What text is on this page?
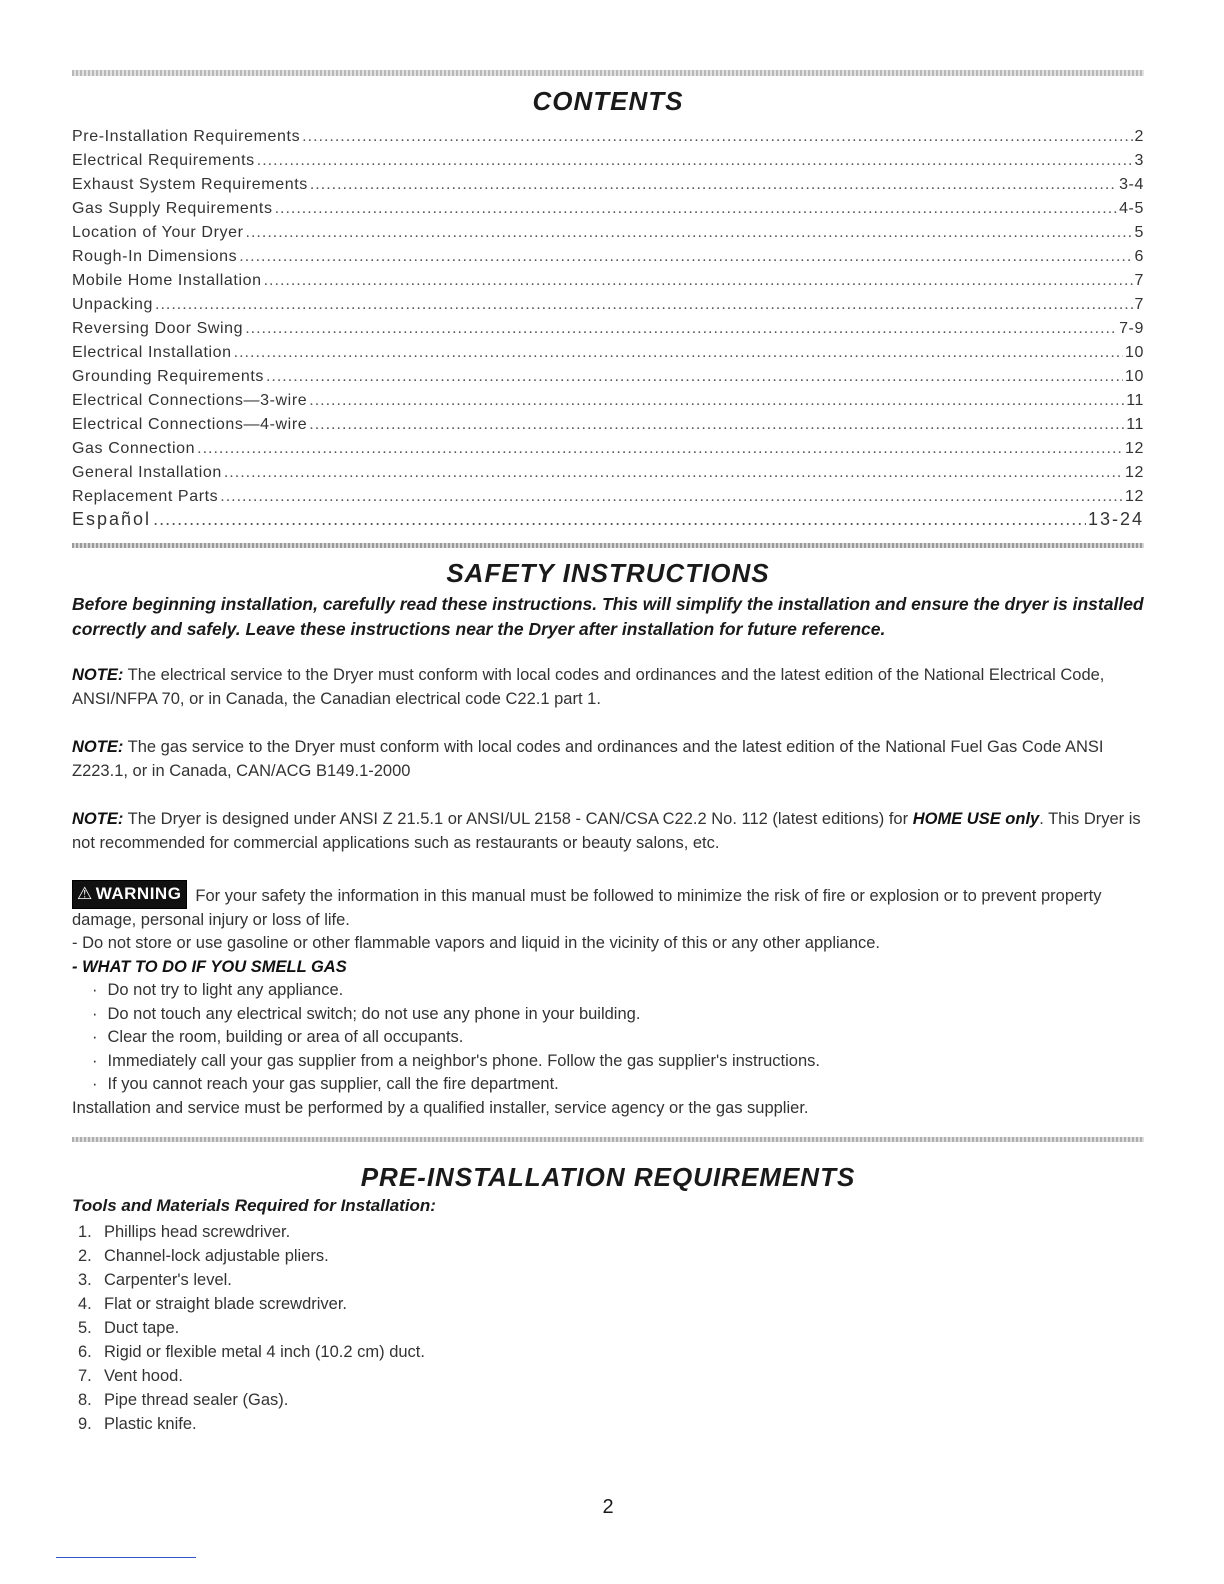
CONTENTS
Pre-Installation Requirements .....	2
Electrical Requirements .....	3
Exhaust System Requirements .....	3-4
Gas Supply Requirements .....	4-5
Location of Your Dryer .....	5
Rough-In Dimensions .....	6
Mobile Home Installation .....	7
Unpacking .....	7
Reversing Door Swing .....	7-9
Electrical Installation .....	10
Grounding Requirements .....	10
Electrical Connections—3-wire .....	11
Electrical Connections—4-wire .....	11
Gas Connection .....	12
General Installation .....	12
Replacement Parts .....	12
Español .....	13-24
SAFETY INSTRUCTIONS
Before beginning installation, carefully read these instructions. This will simplify the installation and ensure the dryer is installed correctly and safely. Leave these instructions near the Dryer after installation for future reference.
NOTE: The electrical service to the Dryer must conform with local codes and ordinances and the latest edition of the National Electrical Code, ANSI/NFPA 70, or in Canada, the Canadian electrical code C22.1 part 1.
NOTE: The gas service to the Dryer must conform with local codes and ordinances and the latest edition of the National Fuel Gas Code ANSI Z223.1, or in Canada, CAN/ACG B149.1-2000
NOTE: The Dryer is designed under ANSI Z 21.5.1 or ANSI/UL 2158 - CAN/CSA C22.2 No. 112 (latest editions) for HOME USE only. This Dryer is not recommended for commercial applications such as restaurants or beauty salons, etc.
⚠ WARNING For your safety the information in this manual must be followed to minimize the risk of fire or explosion or to prevent property damage, personal injury or loss of life.
- Do not store or use gasoline or other flammable vapors and liquid in the vicinity of this or any other appliance.
- WHAT TO DO IF YOU SMELL GAS
· Do not try to light any appliance.
· Do not touch any electrical switch; do not use any phone in your building.
· Clear the room, building or area of all occupants.
· Immediately call your gas supplier from a neighbor's phone. Follow the gas supplier's instructions.
· If you cannot reach your gas supplier, call the fire department.
Installation and service must be performed by a qualified installer, service agency or the gas supplier.
PRE-INSTALLATION REQUIREMENTS
Tools and Materials Required for Installation:
1. Phillips head screwdriver.
2. Channel-lock adjustable pliers.
3. Carpenter's level.
4. Flat or straight blade screwdriver.
5. Duct tape.
6. Rigid or flexible metal 4 inch (10.2 cm) duct.
7. Vent hood.
8. Pipe thread sealer (Gas).
9. Plastic knife.
2
